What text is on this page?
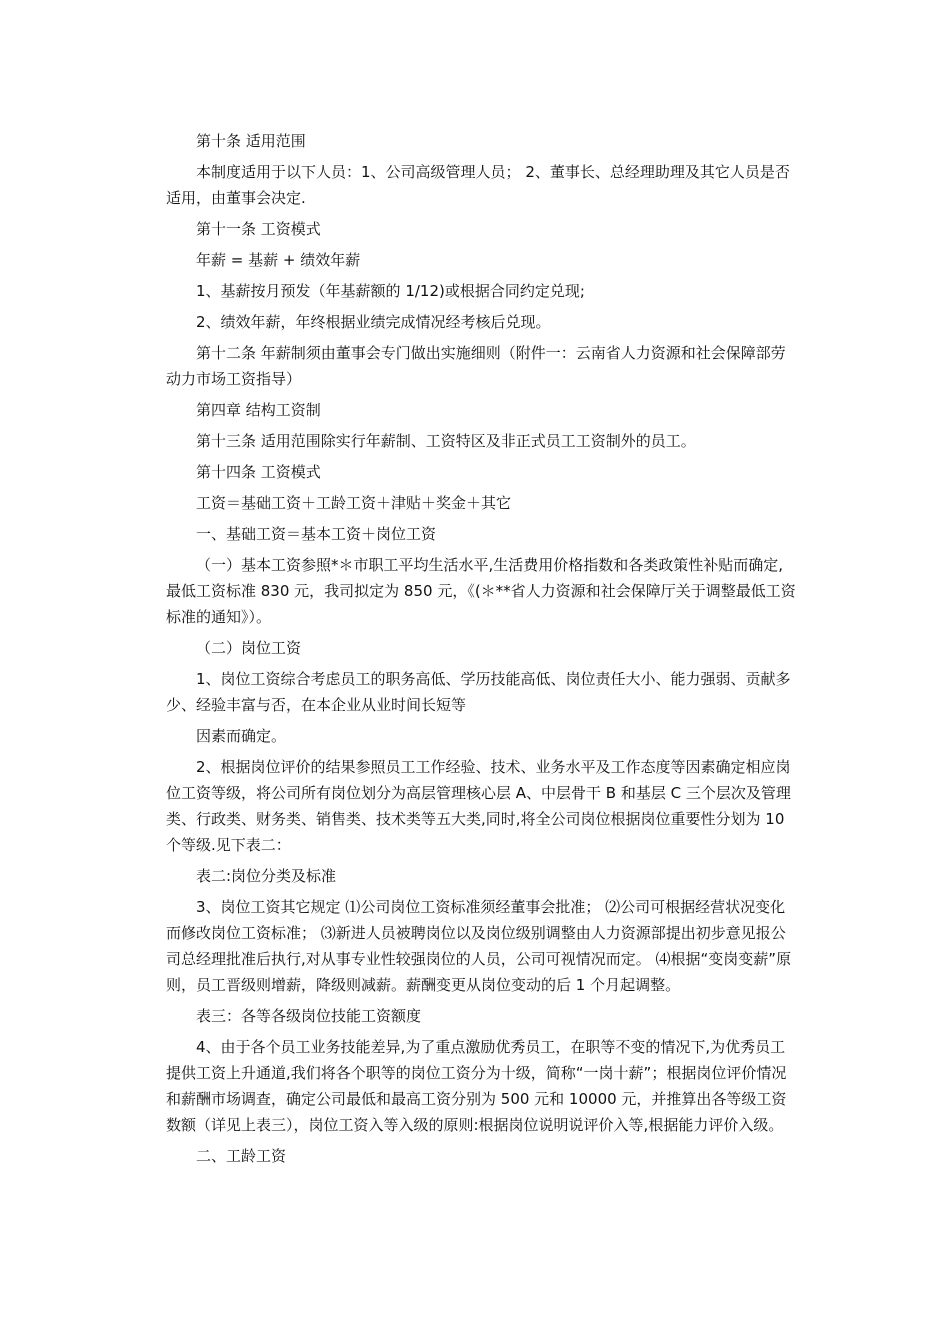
第十条 适用范围

本制度适用于以下人员：1、公司高级管理人员； 2、董事长、总经理助理及其它人员是否适用，由董事会决定.

第十一条 工资模式

年薪 = 基薪 + 绩效年薪

1、基薪按月预发（年基薪额的 1/12)或根据合同约定兑现;

2、绩效年薪，年终根据业绩完成情况经考核后兑现。

第十二条 年薪制须由董事会专门做出实施细则（附件一：云南省人力资源和社会保障部劳动力市场工资指导）

第四章 结构工资制

第十三条 适用范围除实行年薪制、工资特区及非正式员工工资制外的员工。

第十四条 工资模式

工资＝基础工资＋工龄工资＋津贴＋奖金＋其它

一、基础工资＝基本工资＋岗位工资

（一）基本工资参照*＊市职工平均生活水平,生活费用价格指数和各类政策性补贴而确定,最低工资标准 830 元，我司拟定为 850 元，《(＊**省人力资源和社会保障厅关于调整最低工资标准的通知》）。

（二）岗位工资

1、岗位工资综合考虑员工的职务高低、学历技能高低、岗位责任大小、能力强弱、贡献多少、经验丰富与否，在本企业从业时间长短等

因素而确定。

2、根据岗位评价的结果参照员工工作经验、技术、业务水平及工作态度等因素确定相应岗位工资等级，将公司所有岗位划分为高层管理核心层 A、中层骨干 B 和基层 C 三个层次及管理类、行政类、财务类、销售类、技术类等五大类,同时,将全公司岗位根据岗位重要性分划为 10 个等级.见下表二：

表二:岗位分类及标准

3、岗位工资其它规定 ⑴公司岗位工资标准须经董事会批准； ⑵公司可根据经营状况变化而修改岗位工资标准； ⑶新进人员被聘岗位以及岗位级别调整由人力资源部提出初步意见报公司总经理批准后执行,对从事专业性较强岗位的人员，公司可视情况而定。 ⑷根据“变岗变薪”原则，员工晋级则增薪，降级则减薪。薪酬变更从岗位变动的后 1 个月起调整。

表三：各等各级岗位技能工资额度

4、由于各个员工业务技能差异,为了重点激励优秀员工，在职等不变的情况下,为优秀员工提供工资上升通道,我们将各个职等的岗位工资分为十级，简称“一岗十薪”；根据岗位评价情况和薪酬市场调查，确定公司最低和最高工资分别为 500 元和 10000 元，并推算出各等级工资数额（详见上表三），岗位工资入等入级的原则:根据岗位说明说评价入等,根据能力评价入级。

二、工龄工资
